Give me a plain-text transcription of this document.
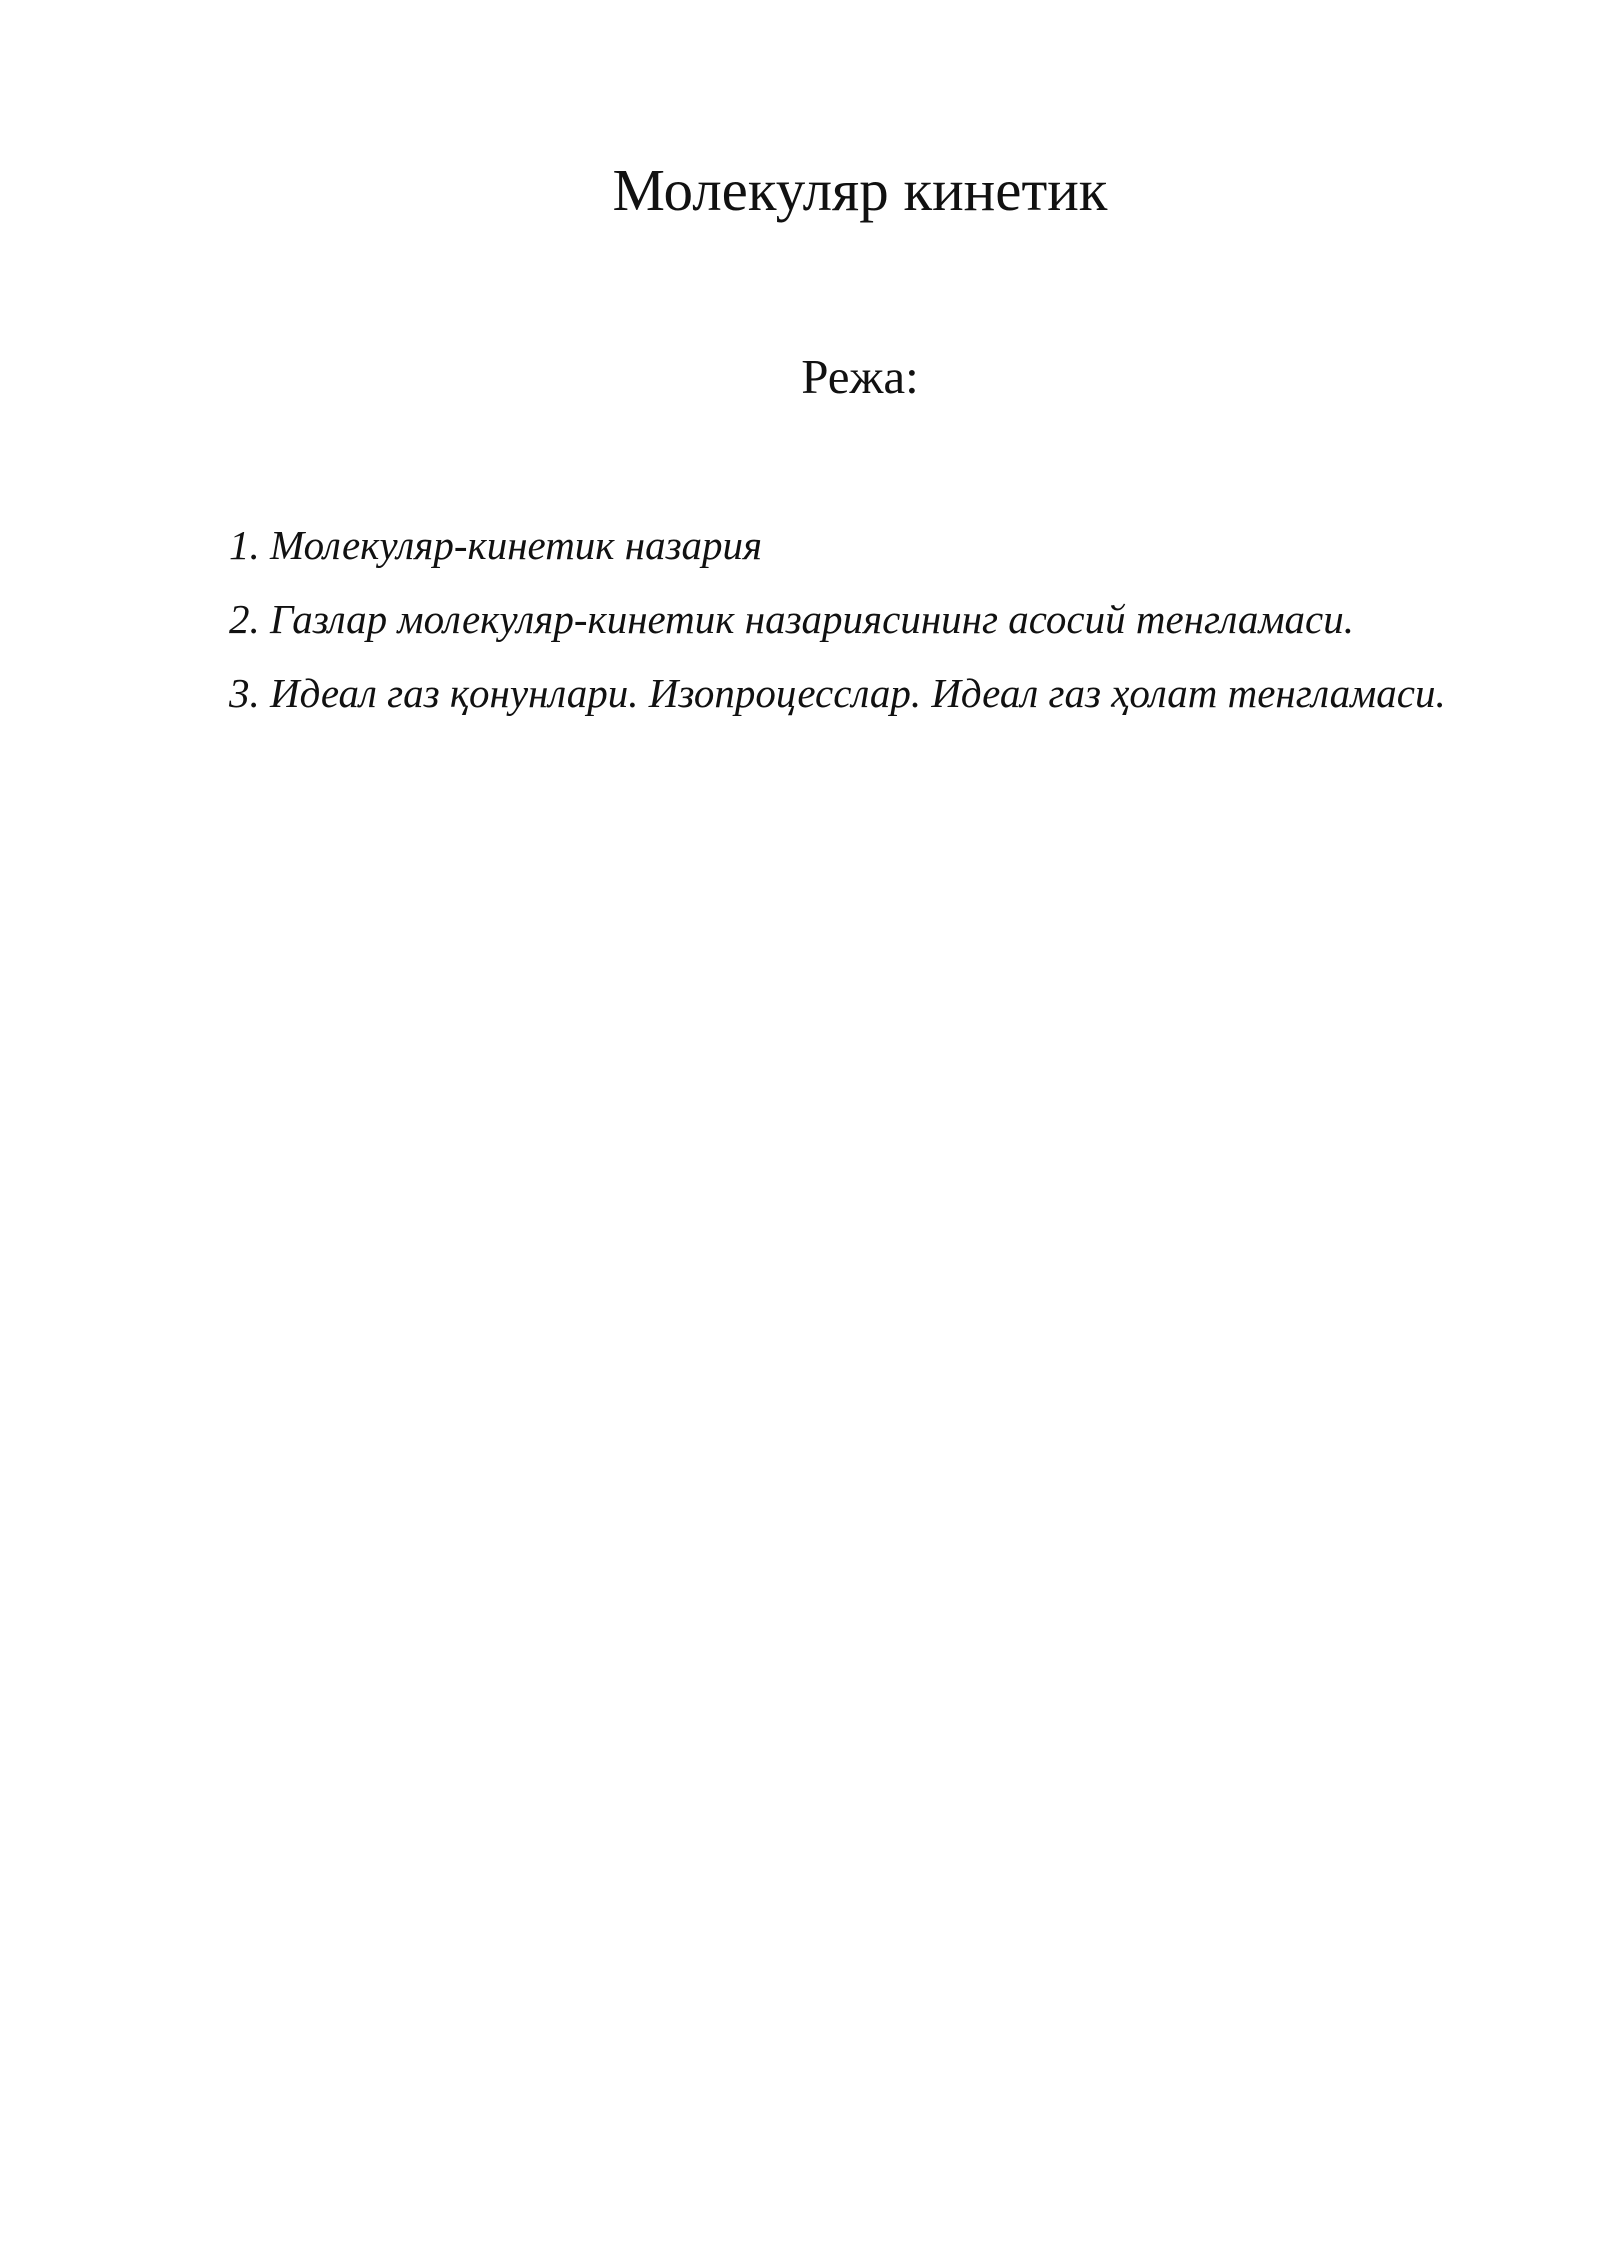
Молекуляр кинетик
Режа:
1. Молекуляр-кинетик назария
2. Газлар молекуляр-кинетик назариясининг асосий тенгламаси.
3. Идеал газ қонунлари. Изопроцесслар. Идеал газ ҳолат тенгламаси.
